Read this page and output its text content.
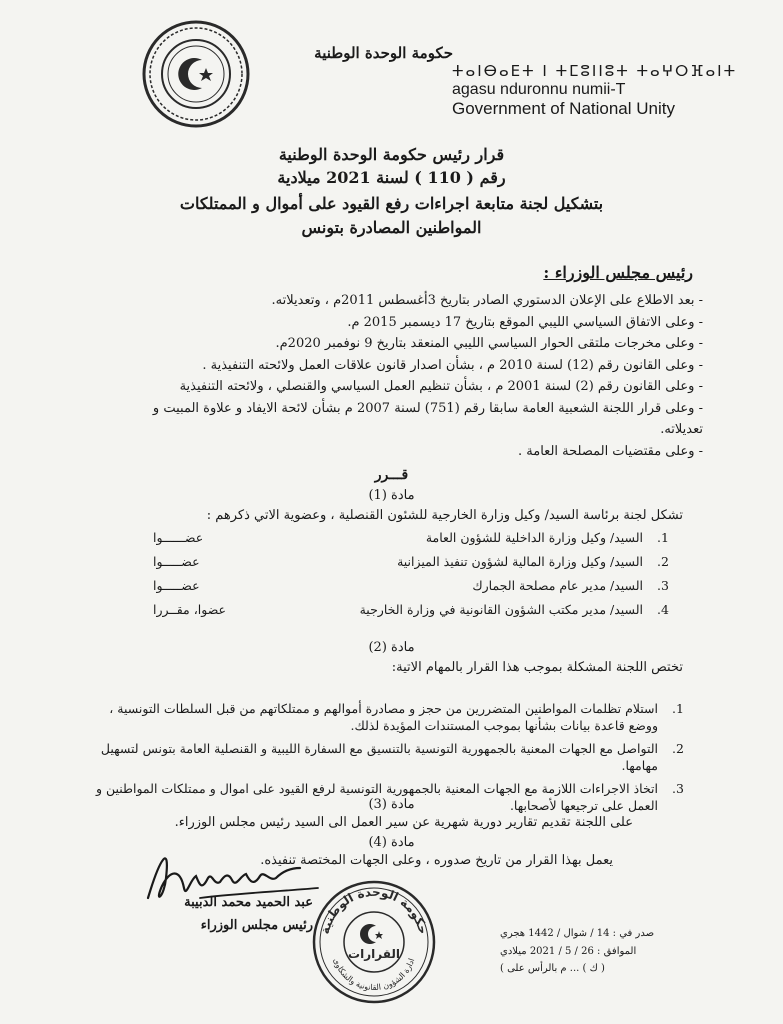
حكومة الوحدة الوطنية
ⵜⴰⵏⴱⴰⴹⵜ ⵏ ⵜⵎⵓⵏⵏⵓⵜ ⵜⴰⵖⵔⴼⴰⵏⵜ
agasu nduronnu numii-T
Government of National Unity
قرار رئيس حكومة الوحدة الوطنية
رقم ( 110 ) لسنة 2021 ميلادية
بتشكيل لجنة متابعة اجراءات رفع القيود على أموال و الممتلكات
المواطنين المصادرة بتونس
رئيس مجلس الوزراء :
- بعد الاطلاع على الإعلان الدستوري الصادر بتاريخ 3أغسطس 2011م ، وتعديلاته.
- وعلى الاتفاق السياسي الليبي الموقع بتاريخ 17 ديسمبر 2015 م.
- وعلى مخرجات ملتقى الحوار السياسي الليبي المنعقد بتاريخ 9 نوفمبر 2020م.
- وعلى القانون رقم (12) لسنة 2010 م ، بشأن اصدار قانون علاقات العمل ولائحته التنفيذية .
- وعلى القانون رقم (2) لسنة 2001 م ، بشأن تنظيم العمل السياسي والقنصلي ، ولائحته التنفيذية
- وعلى قرار اللجنة الشعبية العامة سابقا رقم (751) لسنة 2007 م بشأن لائحة الايفاد و علاوة المبيت و
تعديلاته.
- وعلى مقتضيات المصلحة العامة .
قـــرر
مادة (1)
تشكل لجنة برئاسة السيد/ وكيل وزارة الخارجية للشئون القنصلية ، وعضوية الاتي ذكرهم :
1.
السيد/ وكيل وزارة الداخلية للشؤون العامة
عضــــــوا
2.
السيد/ وكيل وزارة المالية لشؤون تنفيذ الميزانية
عضـــــوا
3.
السيد/ مدير عام مصلحة الجمارك
عضـــــوا
4.
السيد/ مدير مكتب الشؤون القانونية في وزارة الخارجية
عضوا، مقــررا
مادة (2)
تختص اللجنة المشكلة بموجب هذا القرار بالمهام الاتية:
1.
استلام تظلمات المواطنين المتضررين من حجز و مصادرة أموالهم و ممتلكاتهم من قبل السلطات التونسية ، ووضع قاعدة بيانات بشأنها بموجب المستندات المؤيدة لذلك.
2.
التواصل مع الجهات المعنية بالجمهورية التونسية بالتنسيق مع السفارة الليبية و القنصلية العامة بتونس لتسهيل مهامها.
3.
اتخاذ الاجراءات اللازمة مع الجهات المعنية بالجمهورية التونسية لرفع القيود على اموال و ممتلكات المواطنين و العمل على ترجيعها لأصحابها.
مادة (3)
على اللجنة تقديم تقارير دورية شهرية عن سير العمل الى السيد رئيس مجلس الوزراء.
مادة (4)
يعمل بهذا القرار من تاريخ صدوره ، وعلى الجهات المختصة تنفيذه.
عبد الحميد محمد الدبيبة
رئيس مجلس الوزراء حكومة الوحدة الوطنية
ادارة الشؤون القانونية والشكاوى
القرارات
صدر في : 14 / شوال / 1442 هجري
الموافق : 26 / 5 / 2021 ميلادي
( ك ) ... م بالرأس على )
